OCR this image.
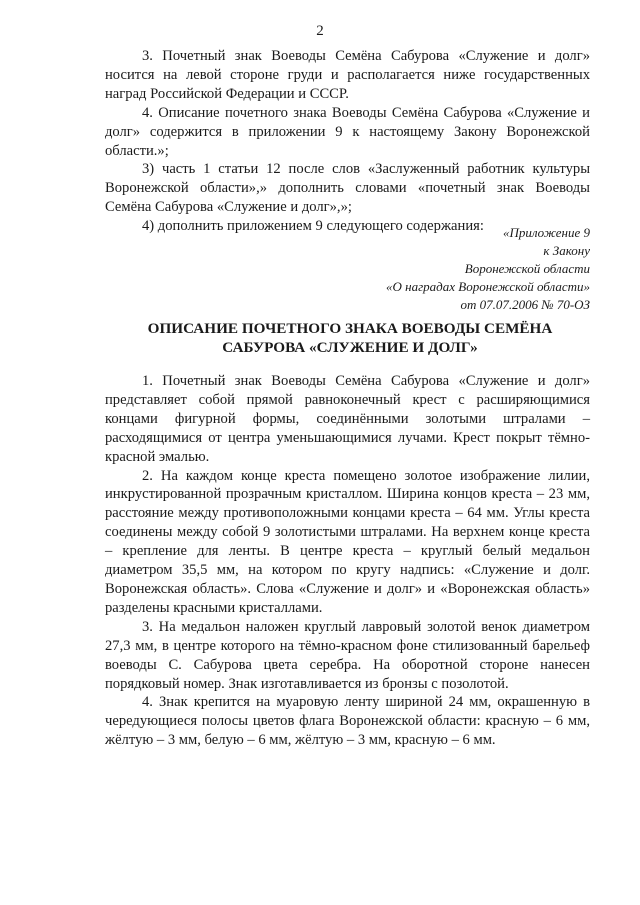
2

3. Почетный знак Воеводы Семёна Сабурова «Служение и долг» носится на левой стороне груди и располагается ниже государственных наград Российской Федерации и СССР.

4. Описание почетного знака Воеводы Семёна Сабурова «Служение и долг» содержится в приложении 9 к настоящему Закону Воронежской области.»;

3) часть 1 статьи 12 после слов «Заслуженный работник культуры Воронежской области»,» дополнить словами «почетный знак Воеводы Семёна Сабурова «Служение и долг»,»;

4) дополнить приложением 9 следующего содержания:	«Приложение 9
к Закону
Воронежской области
«О наградах Воронежской области»
от 07.07.2006 № 70-ОЗ
ОПИСАНИЕ ПОЧЕТНОГО ЗНАКА ВОЕВОДЫ СЕМЁНА
САБУРОВА «СЛУЖЕНИЕ И ДОЛГ»

1. Почетный знак Воеводы Семёна Сабурова «Служение и долг» представляет собой прямой равноконечный крест с расширяющимися концами фигурной формы, соединёнными золотыми штралами – расходящимися от центра уменьшающимися лучами. Крест покрыт тёмно-красной эмалью.

2. На каждом конце креста помещено золотое изображение лилии, инкрустированной прозрачным кристаллом. Ширина концов креста – 23 мм, расстояние между противоположными концами креста – 64 мм. Углы креста соединены между собой 9 золотистыми штралами. На верхнем конце креста – крепление для ленты. В центре креста – круглый белый медальон диаметром 35,5 мм, на котором по кругу надпись: «Служение и долг. Воронежская область». Слова «Служение и долг» и «Воронежская область» разделены красными кристаллами.

3. На медальон наложен круглый лавровый золотой венок диаметром 27,3 мм, в центре которого на тёмно-красном фоне стилизованный барельеф воеводы С. Сабурова цвета серебра. На оборотной стороне нанесен порядковый номер. Знак изготавливается из бронзы с позолотой.

4. Знак крепится на муаровую ленту шириной 24 мм, окрашенную в чередующиеся полосы цветов флага Воронежской области: красную – 6 мм, жёлтую – 3 мм, белую – 6 мм, жёлтую – 3 мм, красную – 6 мм.
